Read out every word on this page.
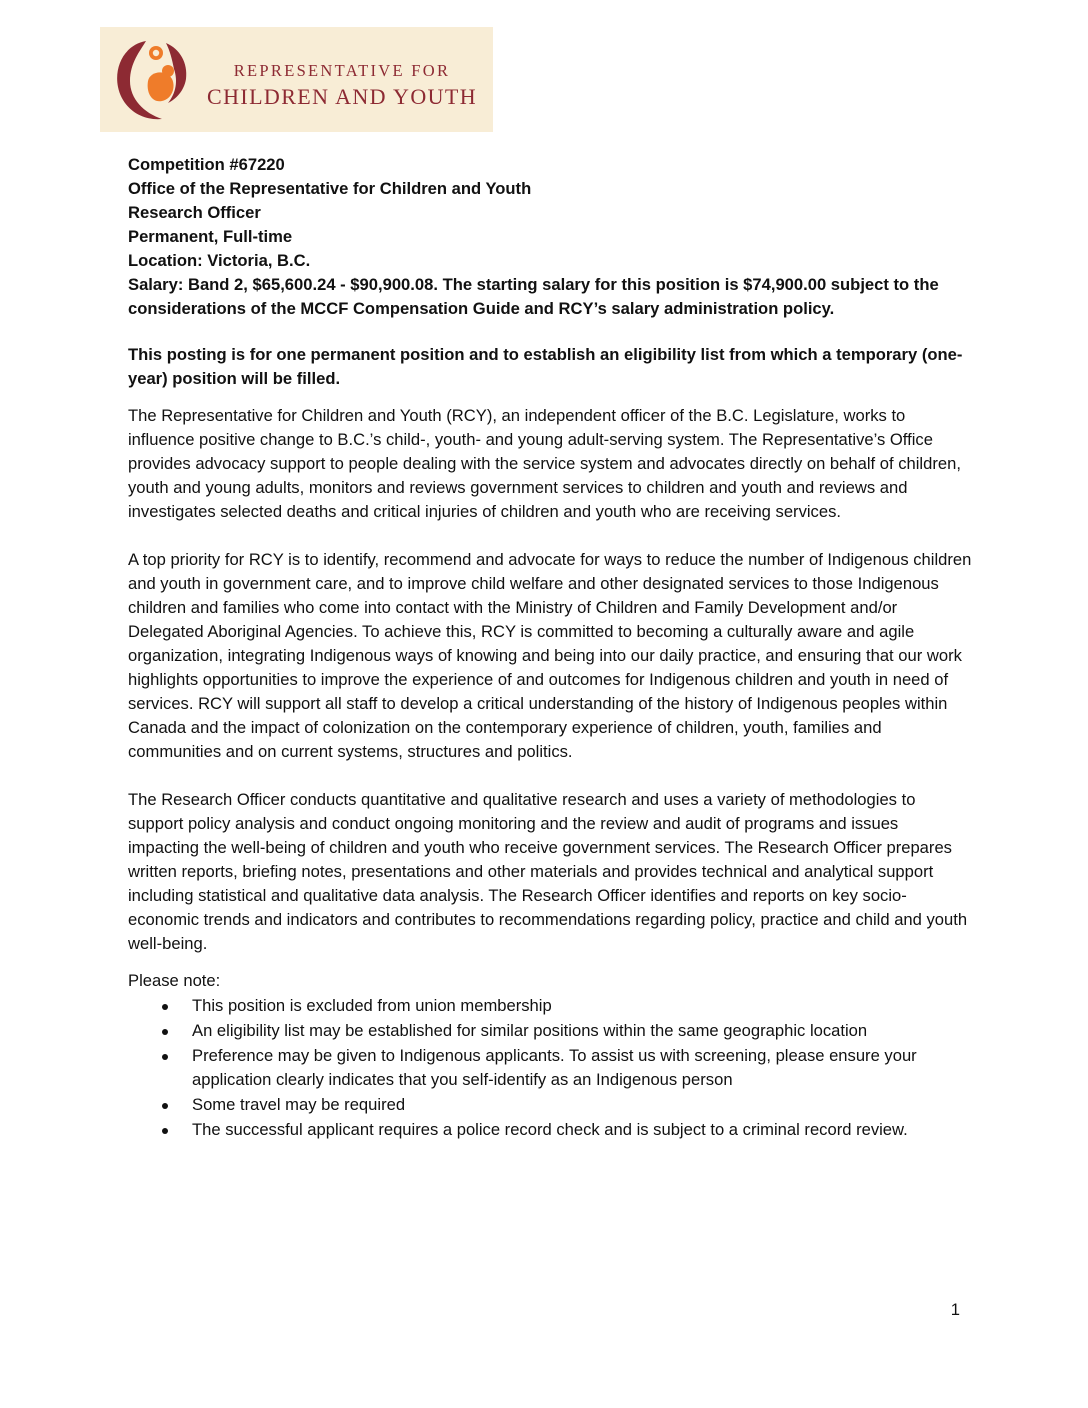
REPRESENTATIVE FOR
CHILDREN AND YOUTH
Competition #67220
Office of the Representative for Children and Youth
Research Officer
Permanent, Full-time
Location: Victoria, B.C.
Salary: Band 2, $65,600.24 - $90,900.08. The starting salary for this position is $74,900.00 subject to the considerations of the MCCF Compensation Guide and RCY’s salary administration policy.

This posting is for one permanent position and to establish an eligibility list from which a temporary (one-year) position will be filled.

The Representative for Children and Youth (RCY), an independent officer of the B.C. Legislature, works to influence positive change to B.C.’s child-, youth- and young adult-serving system. The Representative’s Office provides advocacy support to people dealing with the service system and advocates directly on behalf of children, youth and young adults, monitors and reviews government services to children and youth and reviews and investigates selected deaths and critical injuries of children and youth who are receiving services.

A top priority for RCY is to identify, recommend and advocate for ways to reduce the number of Indigenous children and youth in government care, and to improve child welfare and other designated services to those Indigenous children and families who come into contact with the Ministry of Children and Family Development and/or Delegated Aboriginal Agencies. To achieve this, RCY is committed to becoming a culturally aware and agile organization, integrating Indigenous ways of knowing and being into our daily practice, and ensuring that our work highlights opportunities to improve the experience of and outcomes for Indigenous children and youth in need of services. RCY will support all staff to develop a critical understanding of the history of Indigenous peoples within Canada and the impact of colonization on the contemporary experience of children, youth, families and communities and on current systems, structures and politics.

The Research Officer conducts quantitative and qualitative research and uses a variety of methodologies to support policy analysis and conduct ongoing monitoring and the review and audit of programs and issues impacting the well-being of children and youth who receive government services. The Research Officer prepares written reports, briefing notes, presentations and other materials and provides technical and analytical support including statistical and qualitative data analysis. The Research Officer identifies and reports on key socio-economic trends and indicators and contributes to recommendations regarding policy, practice and child and youth well-being.

Please note:

This position is excluded from union membership
An eligibility list may be established for similar positions within the same geographic location
Preference may be given to Indigenous applicants. To assist us with screening, please ensure your application clearly indicates that you self-identify as an Indigenous person
Some travel may be required
The successful applicant requires a police record check and is subject to a criminal record review.
1
